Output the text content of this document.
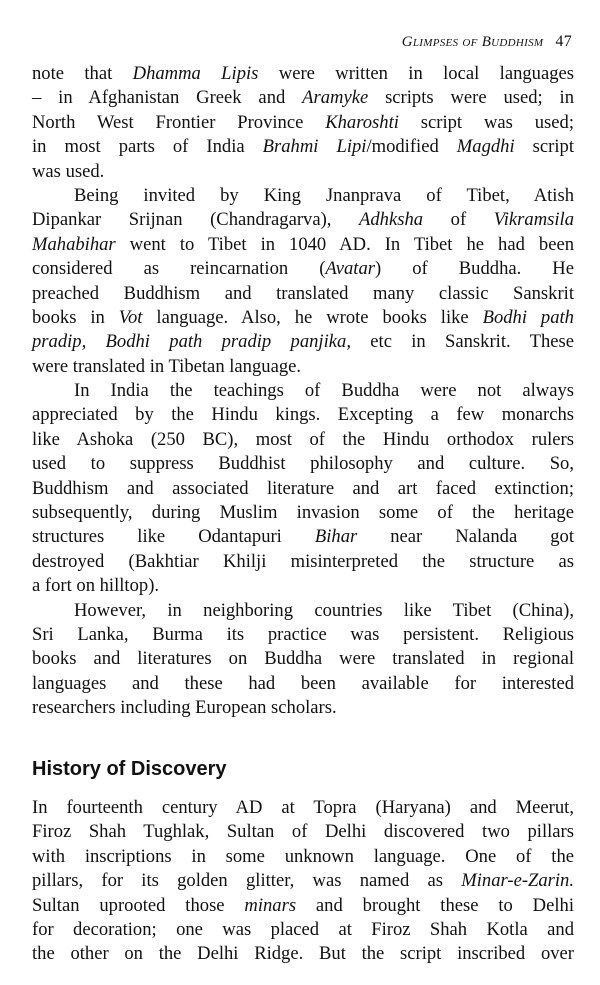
Glimpses of Buddhism 47
note that Dhamma Lipis were written in local languages
– in Afghanistan Greek and Aramyke scripts were used; in
North West Frontier Province Kharoshti script was used;
in most parts of India Brahmi Lipi/modified Magdhi script
was used.
Being invited by King Jnanprava of Tibet, Atish
Dipankar Srijnan (Chandragarva), Adhksha of Vikramsila
Mahabihar went to Tibet in 1040 AD. In Tibet he had been
considered as reincarnation (Avatar) of Buddha. He
preached Buddhism and translated many classic Sanskrit
books in Vot language. Also, he wrote books like Bodhi path
pradip, Bodhi path pradip panjika, etc in Sanskrit. These
were translated in Tibetan language.
In India the teachings of Buddha were not always
appreciated by the Hindu kings. Excepting a few monarchs
like Ashoka (250 BC), most of the Hindu orthodox rulers
used to suppress Buddhist philosophy and culture. So,
Buddhism and associated literature and art faced extinction;
subsequently, during Muslim invasion some of the heritage
structures like Odantapuri Bihar near Nalanda got
destroyed (Bakhtiar Khilji misinterpreted the structure as
a fort on hilltop).
However, in neighboring countries like Tibet (China),
Sri Lanka, Burma its practice was persistent. Religious
books and literatures on Buddha were translated in regional
languages and these had been available for interested
researchers including European scholars.
History of Discovery
In fourteenth century AD at Topra (Haryana) and Meerut,
Firoz Shah Tughlak, Sultan of Delhi discovered two pillars
with inscriptions in some unknown language. One of the
pillars, for its golden glitter, was named as Minar-e-Zarin.
Sultan uprooted those minars and brought these to Delhi
for decoration; one was placed at Firoz Shah Kotla and
the other on the Delhi Ridge. But the script inscribed over
